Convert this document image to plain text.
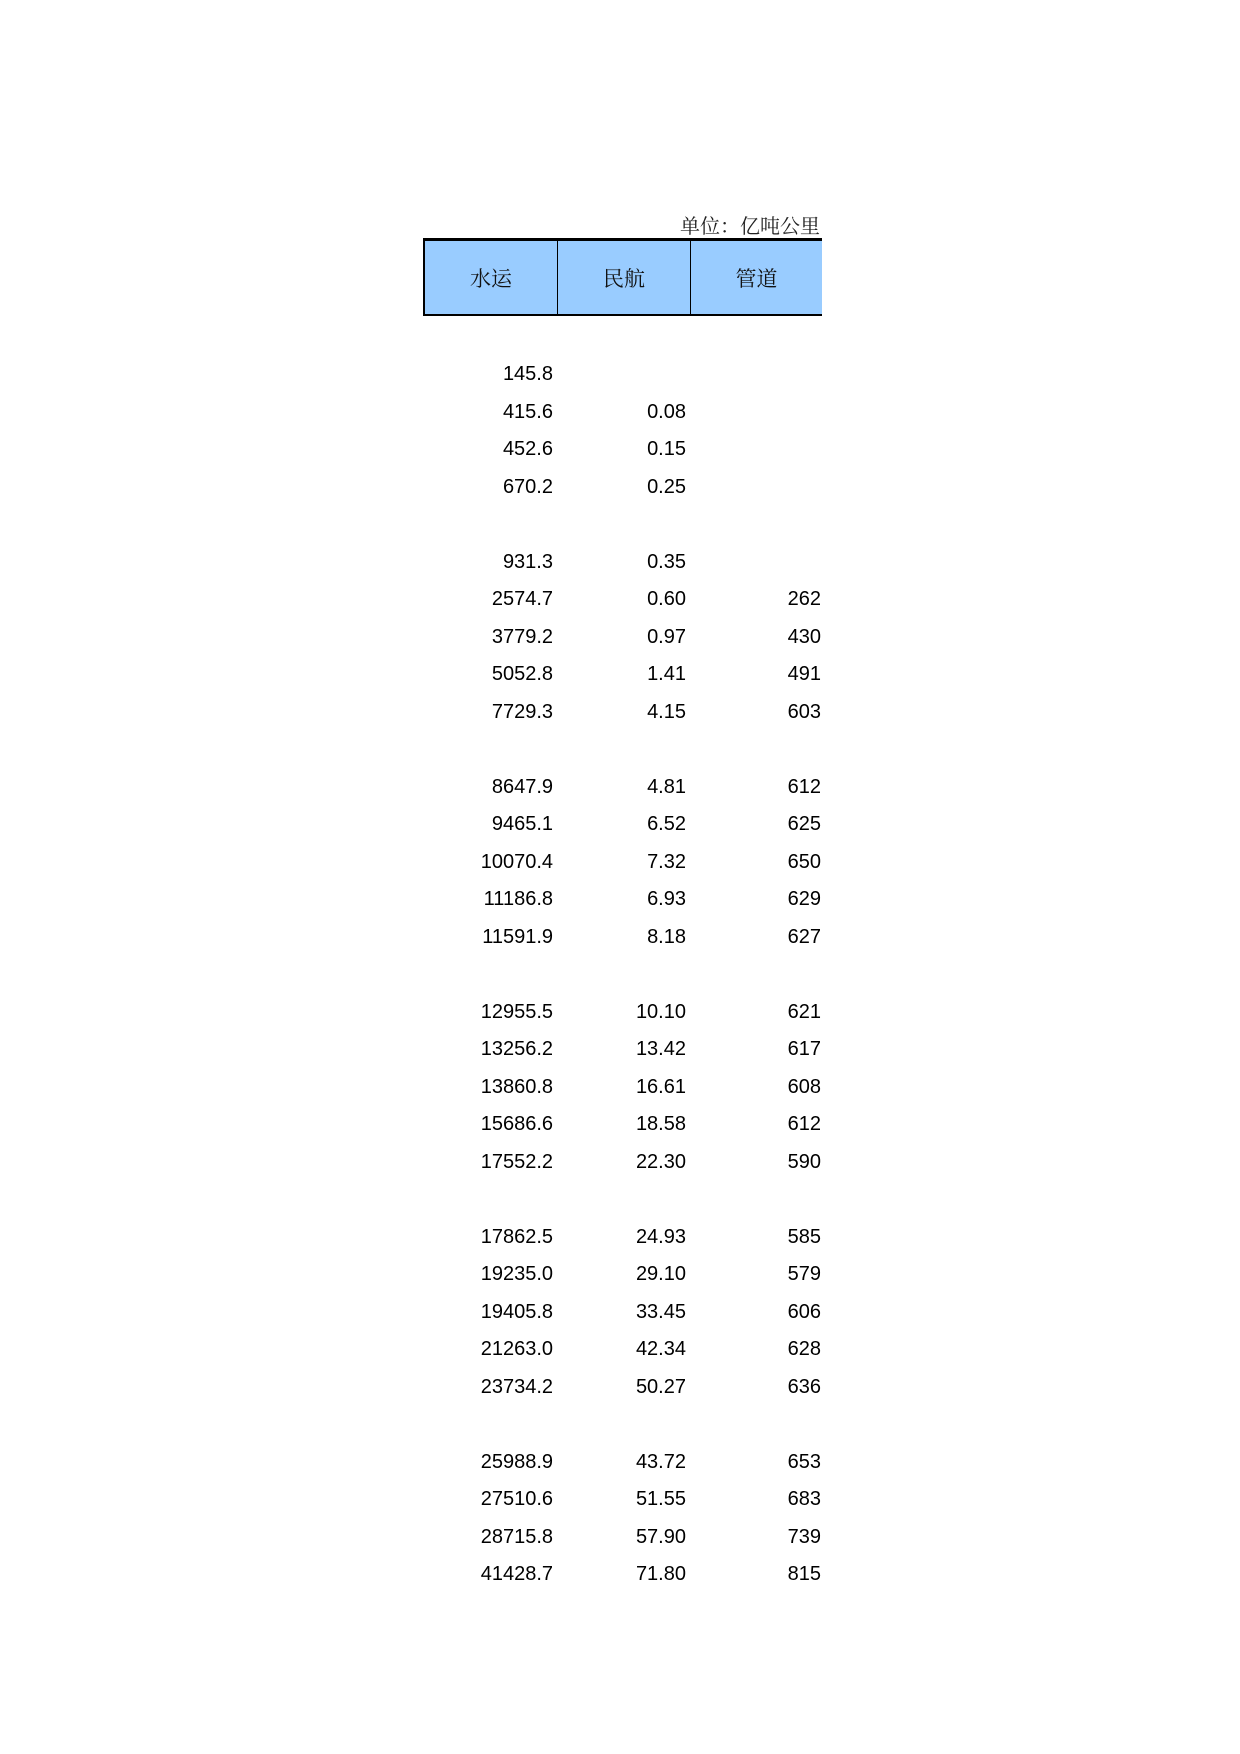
单位：亿吨公里
水运	民航	管道
145.8
415.6	0.08
452.6	0.15
670.2	0.25
931.3	0.35
2574.7	0.60	262
3779.2	0.97	430
5052.8	1.41	491
7729.3	4.15	603
8647.9	4.81	612
9465.1	6.52	625
10070.4	7.32	650
11186.8	6.93	629
11591.9	8.18	627
12955.5	10.10	621
13256.2	13.42	617
13860.8	16.61	608
15686.6	18.58	612
17552.2	22.30	590
17862.5	24.93	585
19235.0	29.10	579
19405.8	33.45	606
21263.0	42.34	628
23734.2	50.27	636
25988.9	43.72	653
27510.6	51.55	683
28715.8	57.90	739
41428.7	71.80	815
